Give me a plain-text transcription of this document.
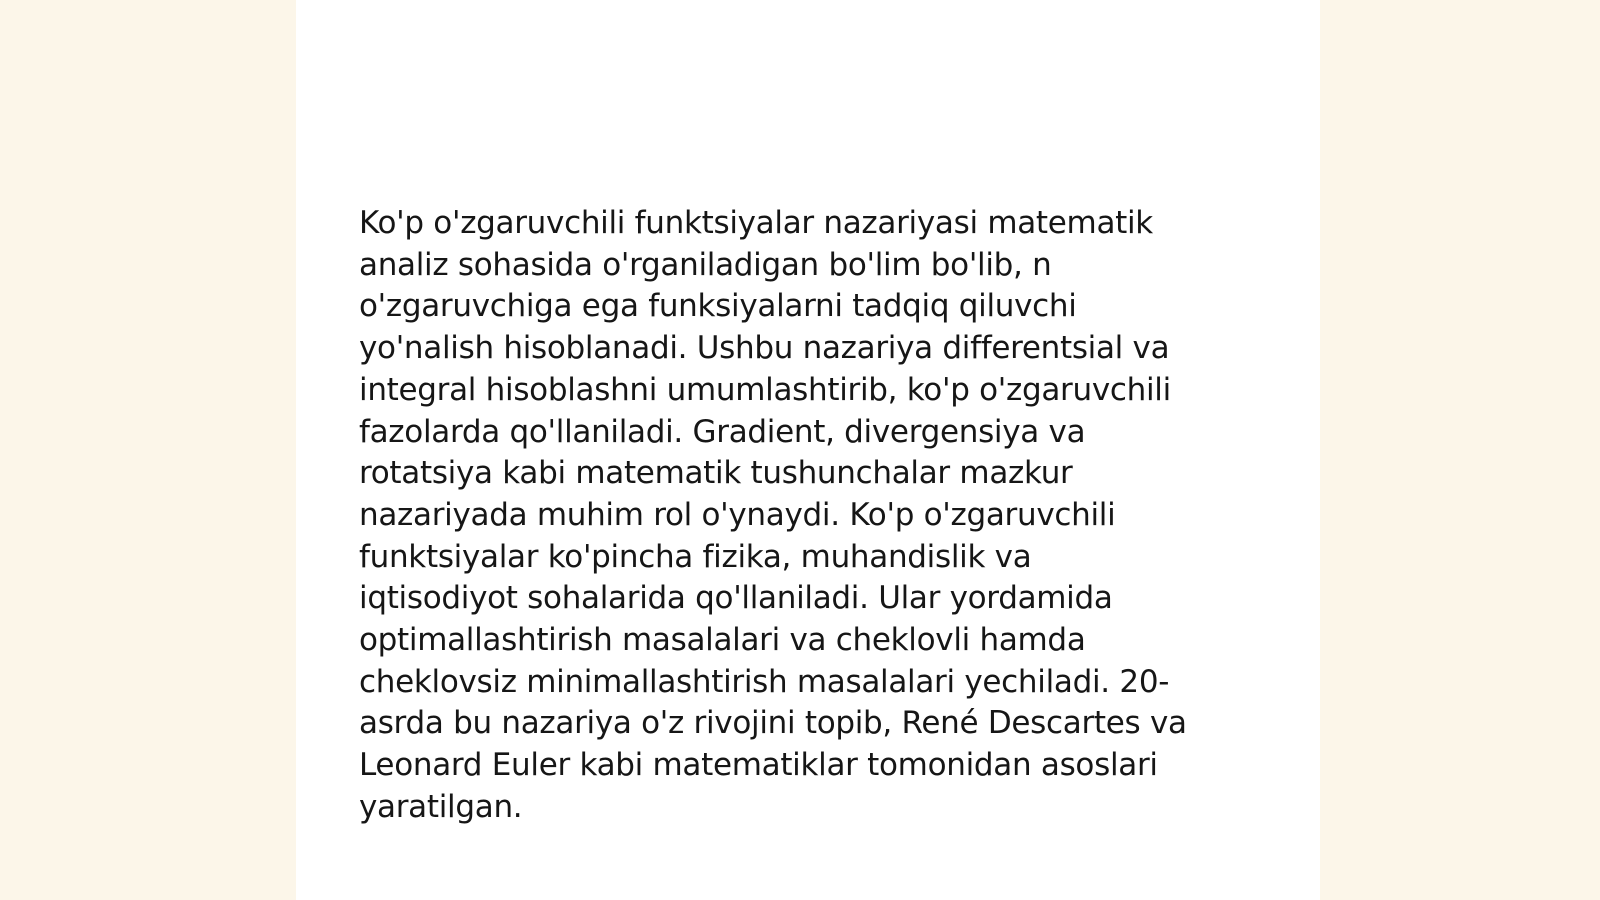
Ko'p o'zgaruvchili funktsiyalar nazariyasi matematik
analiz sohasida o'rganiladigan bo'lim bo'lib, n
o'zgaruvchiga ega funksiyalarni tadqiq qiluvchi
yo'nalish hisoblanadi. Ushbu nazariya differentsial va
integral hisoblashni umumlashtirib, ko'p o'zgaruvchili
fazolarda qo'llaniladi. Gradient, divergensiya va
rotatsiya kabi matematik tushunchalar mazkur
nazariyada muhim rol o'ynaydi. Ko'p o'zgaruvchili
funktsiyalar ko'pincha fizika, muhandislik va
iqtisodiyot sohalarida qo'llaniladi. Ular yordamida
optimallashtirish masalalari va cheklovli hamda
cheklovsiz minimallashtirish masalalari yechiladi. 20-
asrda bu nazariya o'z rivojini topib, René Descartes va
Leonard Euler kabi matematiklar tomonidan asoslari
yaratilgan.
